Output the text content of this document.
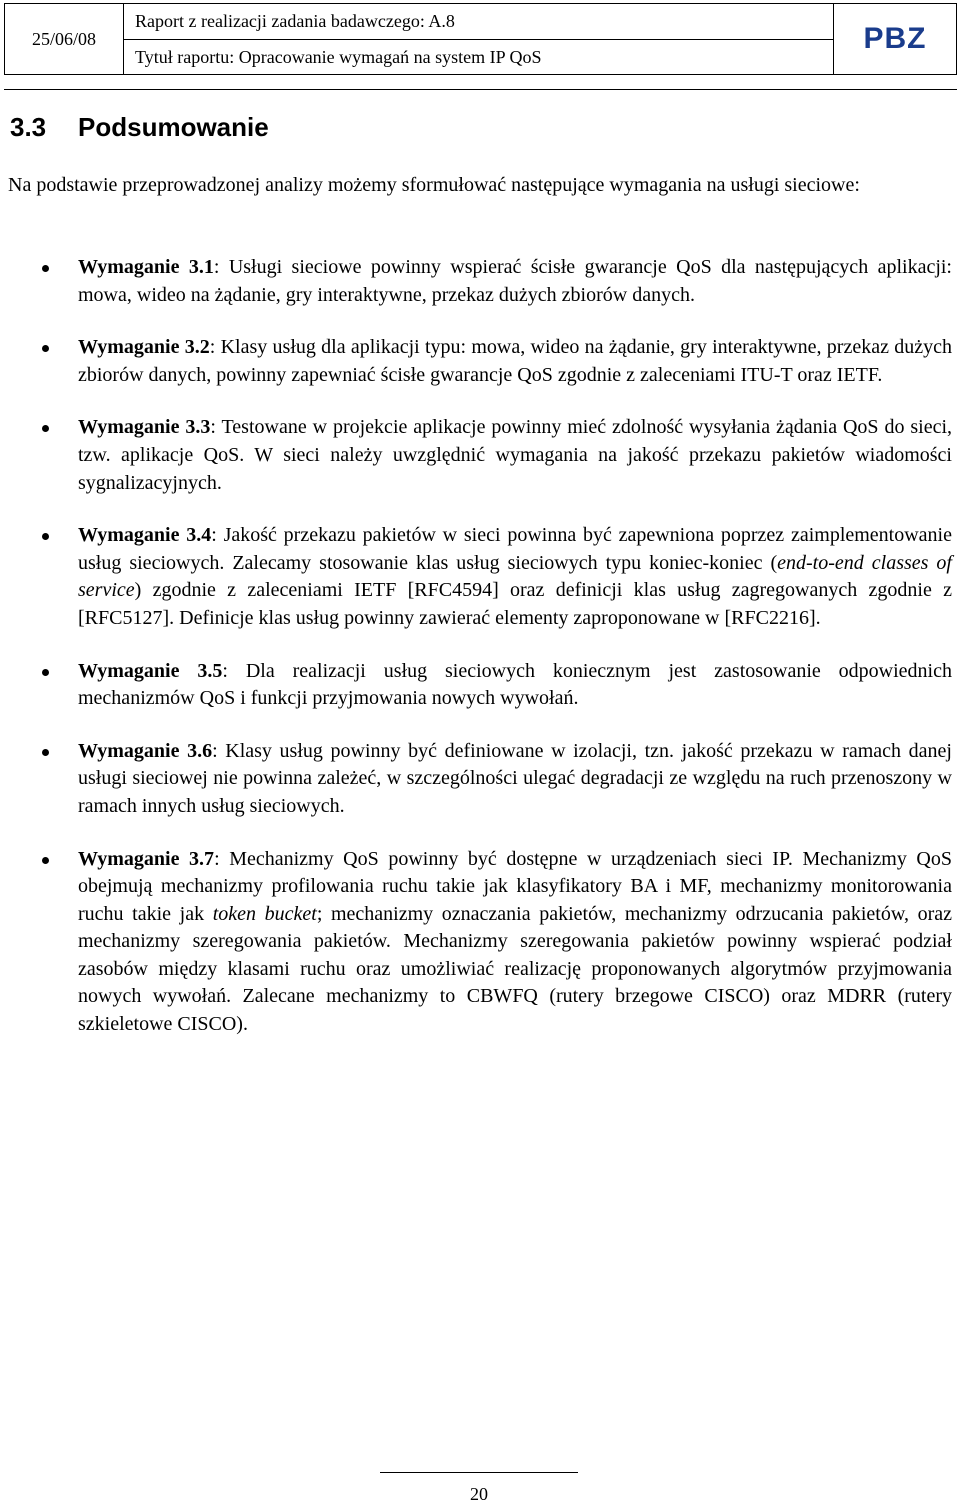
25/06/08	Raport z realizacji zadania badawczego: A.8	PBZ
Tytuł raportu: Opracowanie wymagań na system IP QoS
3.3 Podsumowanie

Na podstawie przeprowadzonej analizy możemy sformułować następujące wymagania na usługi sieciowe:

Wymaganie 3.1: Usługi sieciowe powinny wspierać ścisłe gwarancje QoS dla następujących aplikacji: mowa, wideo na żądanie, gry interaktywne, przekaz dużych zbiorów danych.
Wymaganie 3.2: Klasy usług dla aplikacji typu: mowa, wideo na żądanie, gry interaktywne, przekaz dużych zbiorów danych, powinny zapewniać ścisłe gwarancje QoS zgodnie z zaleceniami ITU-T oraz IETF.
Wymaganie 3.3: Testowane w projekcie aplikacje powinny mieć zdolność wysyłania żądania QoS do sieci, tzw. aplikacje QoS. W sieci należy uwzględnić wymagania na jakość przekazu pakietów wiadomości sygnalizacyjnych.
Wymaganie 3.4: Jakość przekazu pakietów w sieci powinna być zapewniona poprzez zaimplementowanie usług sieciowych. Zalecamy stosowanie klas usług sieciowych typu koniec-koniec (end-to-end classes of service) zgodnie z zaleceniami IETF [RFC4594] oraz definicji klas usług zagregowanych zgodnie z [RFC5127]. Definicje klas usług powinny zawierać elementy zaproponowane w [RFC2216].
Wymaganie 3.5: Dla realizacji usług sieciowych koniecznym jest zastosowanie odpowiednich mechanizmów QoS i funkcji przyjmowania nowych wywołań.
Wymaganie 3.6: Klasy usług powinny być definiowane w izolacji, tzn. jakość przekazu w ramach danej usługi sieciowej nie powinna zależeć, w szczególności ulegać degradacji ze względu na ruch przenoszony w ramach innych usług sieciowych.
Wymaganie 3.7: Mechanizmy QoS powinny być dostępne w urządzeniach sieci IP. Mechanizmy QoS obejmują mechanizmy profilowania ruchu takie jak klasyfikatory BA i MF, mechanizmy monitorowania ruchu takie jak token bucket; mechanizmy oznaczania pakietów, mechanizmy odrzucania pakietów, oraz mechanizmy szeregowania pakietów. Mechanizmy szeregowania pakietów powinny wspierać podział zasobów między klasami ruchu oraz umożliwiać realizację proponowanych algorytmów przyjmowania nowych wywołań. Zalecane mechanizmy to CBWFQ (rutery brzegowe CISCO) oraz MDRR (rutery szkieletowe CISCO).
20
